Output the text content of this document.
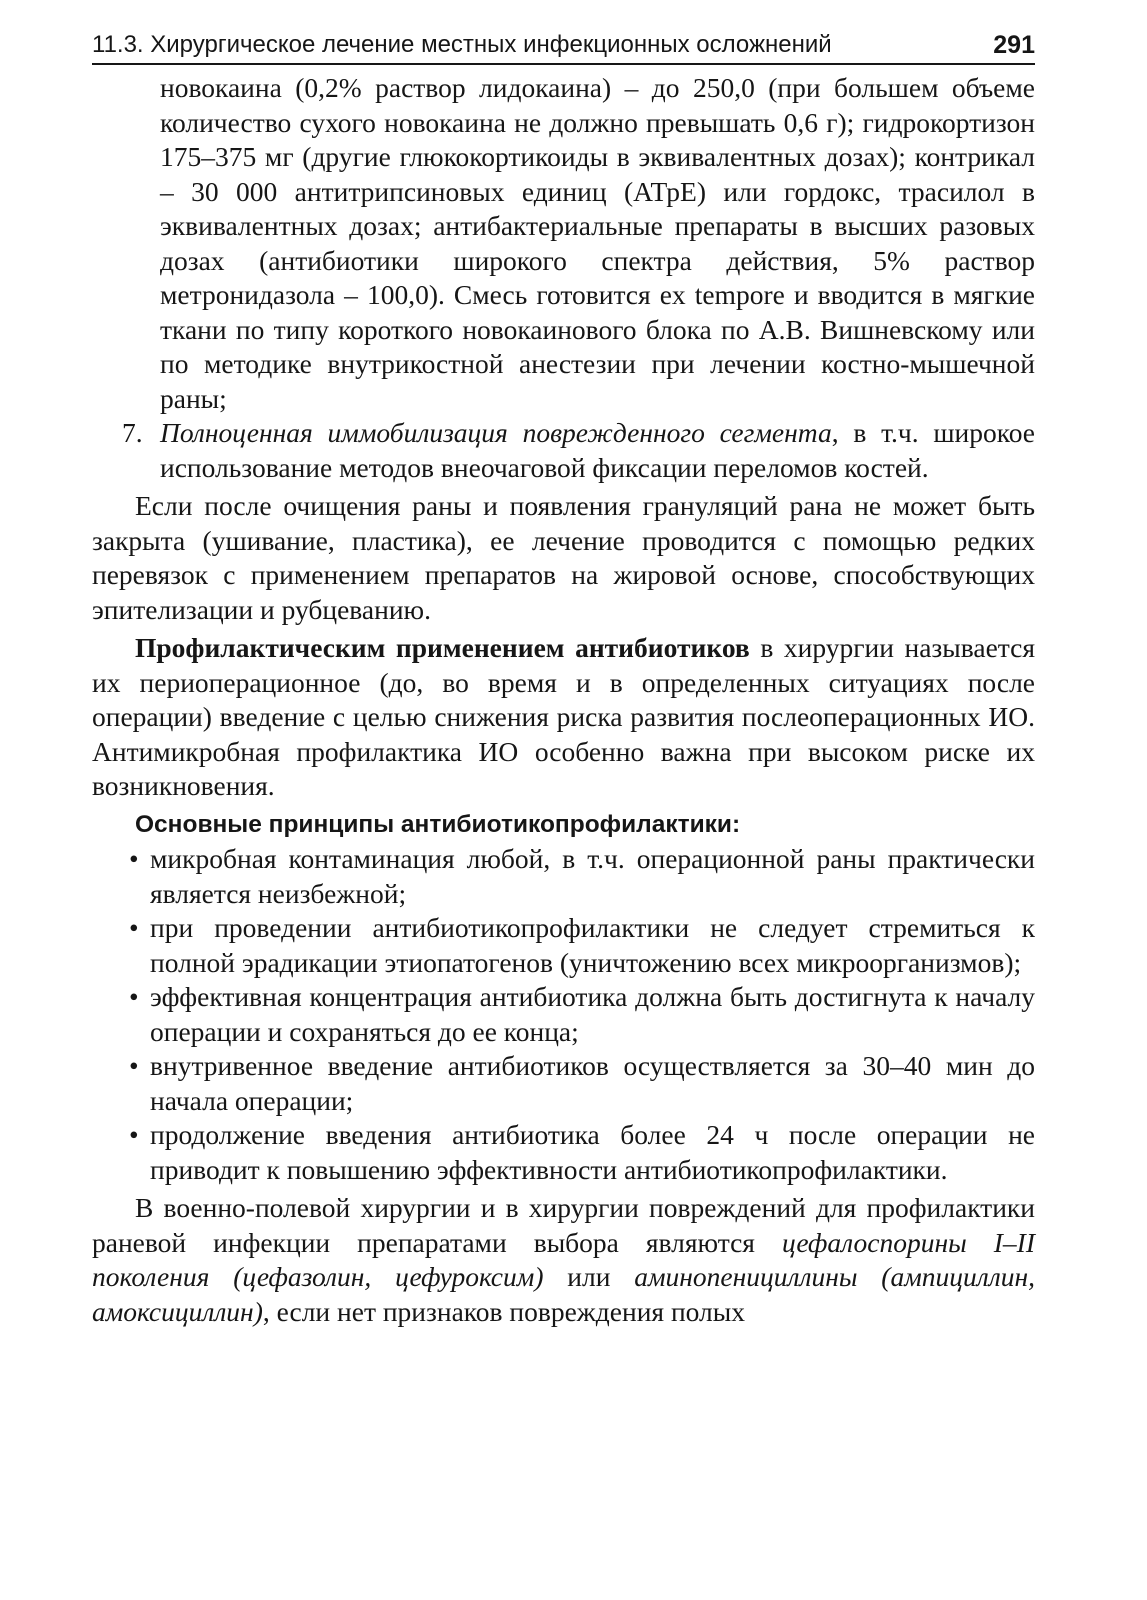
11.3. Хирургическое лечение местных инфекционных осложнений	291

новокаина (0,2% раствор лидокаина) – до 250,0 (при большем объеме количество сухого новокаина не должно превышать 0,6 г); гидрокортизон 175–375 мг (другие глюкокортикоиды в эквивалентных дозах); контрикал – 30 000 антитрипсиновых единиц (АТрЕ) или гордокс, трасилол в эквивалентных дозах; антибактериальные препараты в высших разовых дозах (антибиотики широкого спектра действия, 5% раствор метронидазола – 100,0). Смесь готовится ex tempore и вводится в мягкие ткани по типу короткого новокаинового блока по А.В. Вишневскому или по методике внутрикостной анестезии при лечении костно-мышечной раны;

7. Полноценная иммобилизация поврежденного сегмента, в т.ч. широкое использование методов внеочаговой фиксации переломов костей.

Если после очищения раны и появления грануляций рана не может быть закрыта (ушивание, пластика), ее лечение проводится с помощью редких перевязок с применением препаратов на жировой основе, способствующих эпителизации и рубцеванию.

Профилактическим применением антибиотиков в хирургии называется их периоперационное (до, во время и в определенных ситуациях после операции) введение с целью снижения риска развития послеоперационных ИО. Антимикробная профилактика ИО особенно важна при высоком риске их возникновения.

Основные принципы антибиотикопрофилактики:

• микробная контаминация любой, в т.ч. операционной раны практически является неизбежной;
• при проведении антибиотикопрофилактики не следует стремиться к полной эрадикации этиопатогенов (уничтожению всех микроорганизмов);
• эффективная концентрация антибиотика должна быть достигнута к началу операции и сохраняться до ее конца;
• внутривенное введение антибиотиков осуществляется за 30–40 мин до начала операции;
• продолжение введения антибиотика более 24 ч после операции не приводит к повышению эффективности антибиотикопрофилактики.

В военно-полевой хирургии и в хирургии повреждений для профилактики раневой инфекции препаратами выбора являются цефалоспорины I–II поколения (цефазолин, цефуроксим) или аминопенициллины (ампициллин, амоксициллин), если нет признаков повреждения полых
